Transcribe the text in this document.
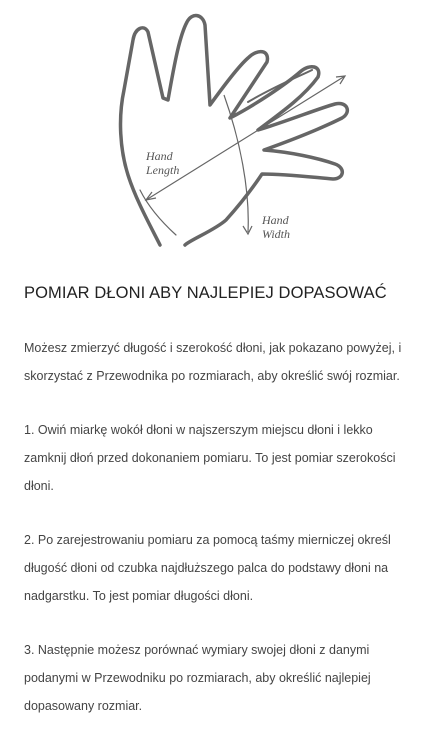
Hand
Length
Hand
Width
POMIAR DŁONI ABY NAJLEPIEJ DOPASOWAĆ

Możesz zmierzyć długość i szerokość dłoni, jak pokazano powyżej, i skorzystać z Przewodnika po rozmiarach, aby określić swój rozmiar.

1. Owiń miarkę wokół dłoni w najszerszym miejscu dłoni i lekko zamknij dłoń przed dokonaniem pomiaru. To jest pomiar szerokości dłoni.

2. Po zarejestrowaniu pomiaru za pomocą taśmy mierniczej określ długość dłoni od czubka najdłuższego palca do podstawy dłoni na nadgarstku. To jest pomiar długości dłoni.

3. Następnie możesz porównać wymiary swojej dłoni z danymi podanymi w Przewodniku po rozmiarach, aby określić najlepiej dopasowany rozmiar.
